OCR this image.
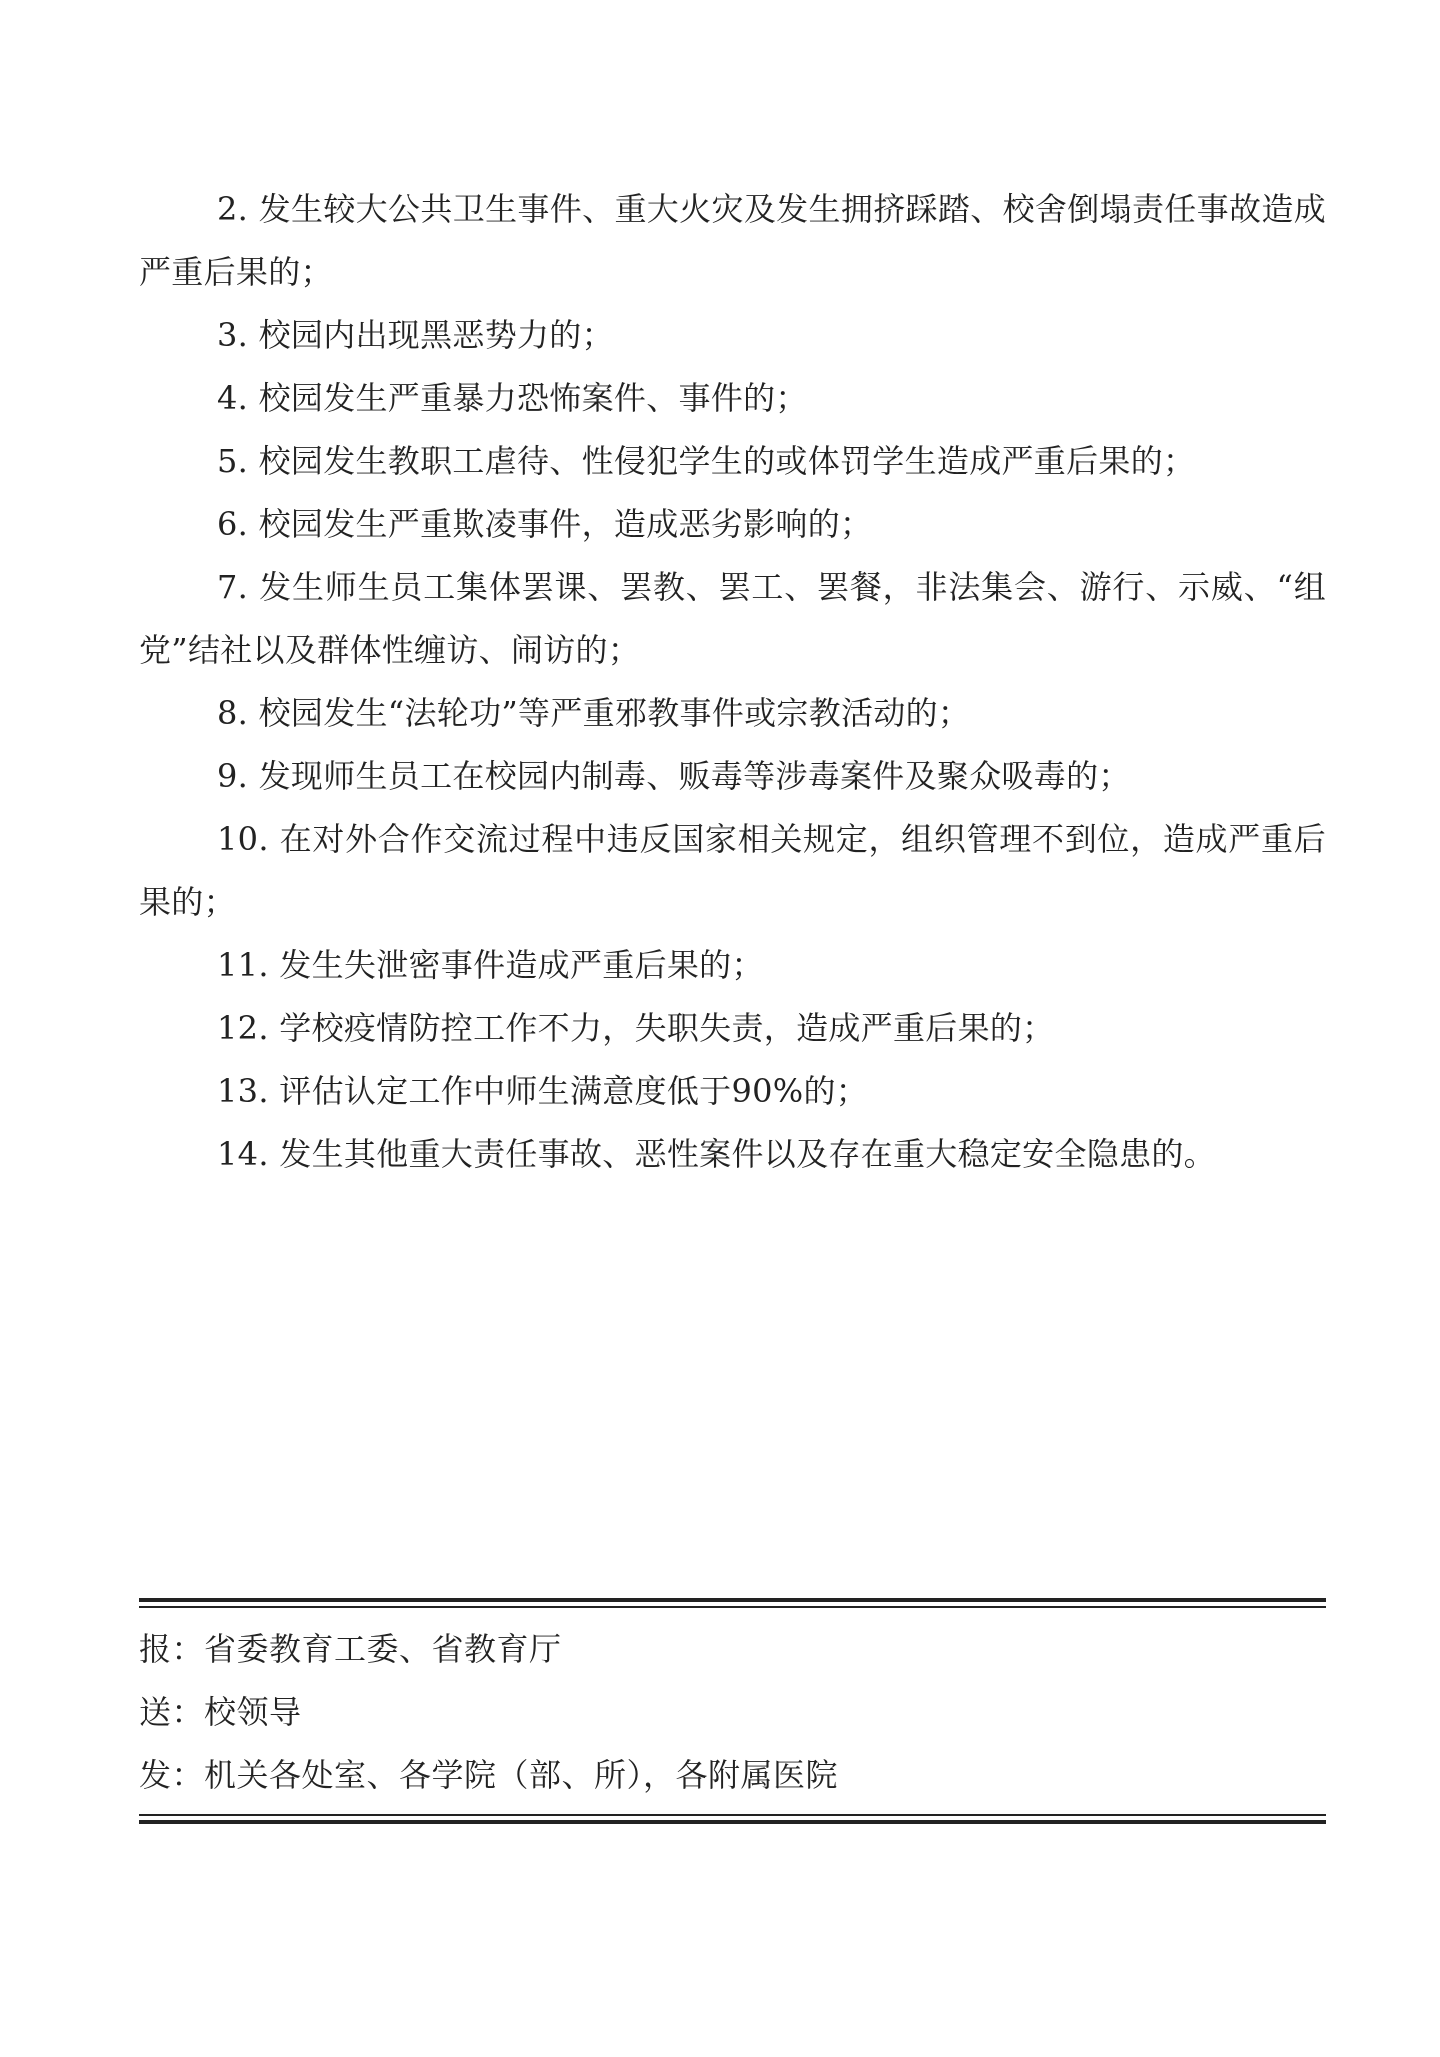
2. 发生较大公共卫生事件、重大火灾及发生拥挤踩踏、校舍倒塌责任事故造成严重后果的；

3. 校园内出现黑恶势力的；

4. 校园发生严重暴力恐怖案件、事件的；

5. 校园发生教职工虐待、性侵犯学生的或体罚学生造成严重后果的；

6. 校园发生严重欺凌事件，造成恶劣影响的；

7. 发生师生员工集体罢课、罢教、罢工、罢餐，非法集会、游行、示威、“组党”结社以及群体性缠访、闹访的；

8. 校园发生“法轮功”等严重邪教事件或宗教活动的；

9. 发现师生员工在校园内制毒、贩毒等涉毒案件及聚众吸毒的；

10. 在对外合作交流过程中违反国家相关规定，组织管理不到位，造成严重后果的；

11. 发生失泄密事件造成严重后果的；

12. 学校疫情防控工作不力，失职失责，造成严重后果的；

13. 评估认定工作中师生满意度低于90%的；

14. 发生其他重大责任事故、恶性案件以及存在重大稳定安全隐患的。

报：省委教育工委、省教育厅

送：校领导

发：机关各处室、各学院（部、所），各附属医院
